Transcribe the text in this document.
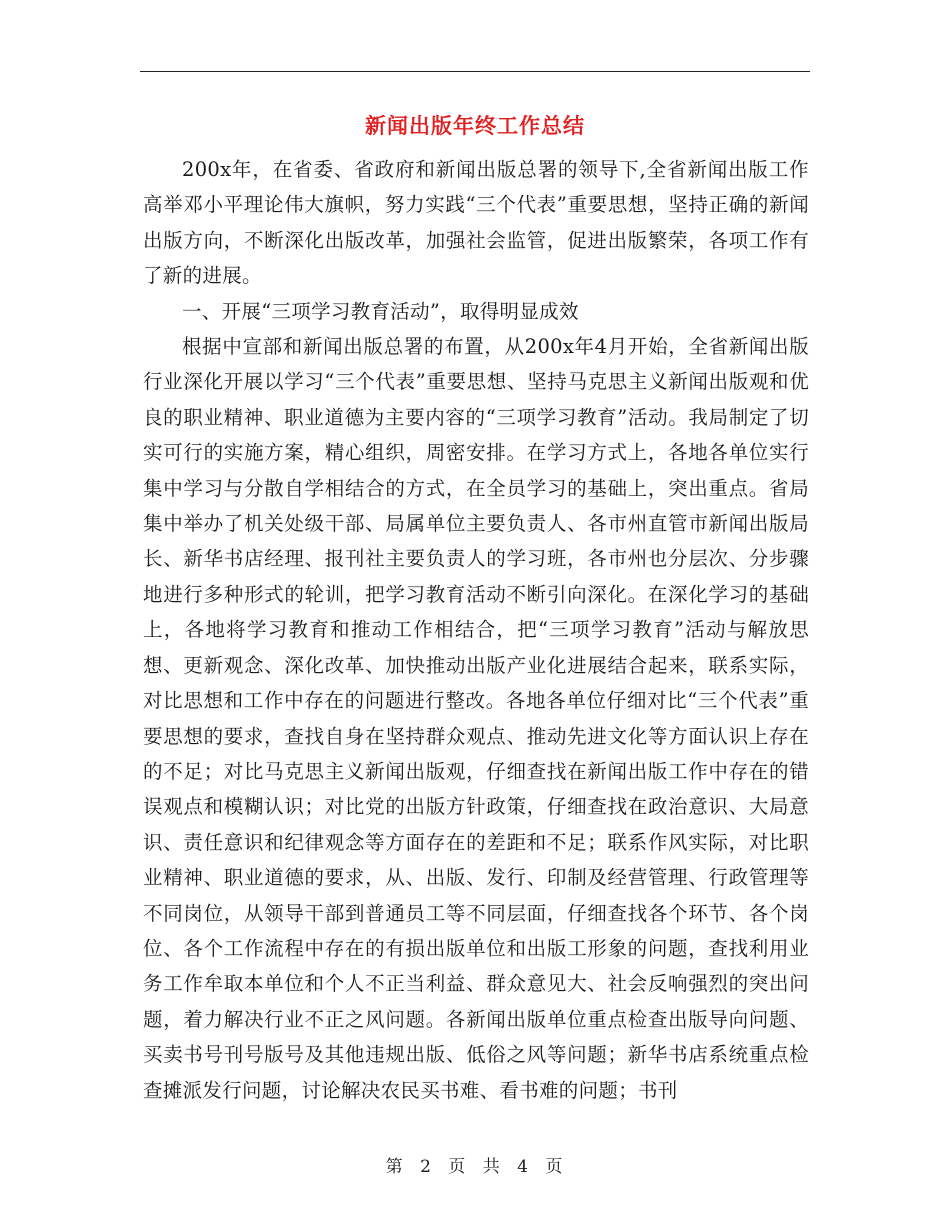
新闻出版年终工作总结

200x年，在省委、省政府和新闻出版总署的领导下,全省新闻出版工作高举邓小平理论伟大旗帜，努力实践“三个代表”重要思想，坚持正确的新闻出版方向，不断深化出版改革，加强社会监管，促进出版繁荣，各项工作有了新的进展。

一、开展“三项学习教育活动”，取得明显成效

根据中宣部和新闻出版总署的布置，从200x年4月开始，全省新闻出版行业深化开展以学习“三个代表”重要思想、坚持马克思主义新闻出版观和优良的职业精神、职业道德为主要内容的“三项学习教育”活动。我局制定了切实可行的实施方案，精心组织，周密安排。在学习方式上，各地各单位实行集中学习与分散自学相结合的方式，在全员学习的基础上，突出重点。省局集中举办了机关处级干部、局属单位主要负责人、各市州直管市新闻出版局长、新华书店经理、报刊社主要负责人的学习班，各市州也分层次、分步骤地进行多种形式的轮训，把学习教育活动不断引向深化。在深化学习的基础上，各地将学习教育和推动工作相结合，把“三项学习教育”活动与解放思想、更新观念、深化改革、加快推动出版产业化进展结合起来，联系实际，对比思想和工作中存在的问题进行整改。各地各单位仔细对比“三个代表”重要思想的要求，查找自身在坚持群众观点、推动先进文化等方面认识上存在的不足；对比马克思主义新闻出版观，仔细查找在新闻出版工作中存在的错误观点和模糊认识；对比党的出版方针政策，仔细查找在政治意识、大局意识、责任意识和纪律观念等方面存在的差距和不足；联系作风实际，对比职业精神、职业道德的要求，从、出版、发行、印制及经营管理、行政管理等不同岗位，从领导干部到普通员工等不同层面，仔细查找各个环节、各个岗位、各个工作流程中存在的有损出版单位和出版工形象的问题，查找利用业务工作牟取本单位和个人不正当利益、群众意见大、社会反响强烈的突出问题，着力解决行业不正之风问题。各新闻出版单位重点检查出版导向问题、买卖书号刊号版号及其他违规出版、低俗之风等问题；新华书店系统重点检查摊派发行问题，讨论解决农民买书难、看书难的问题；书刊

第 2 页 共 4 页
